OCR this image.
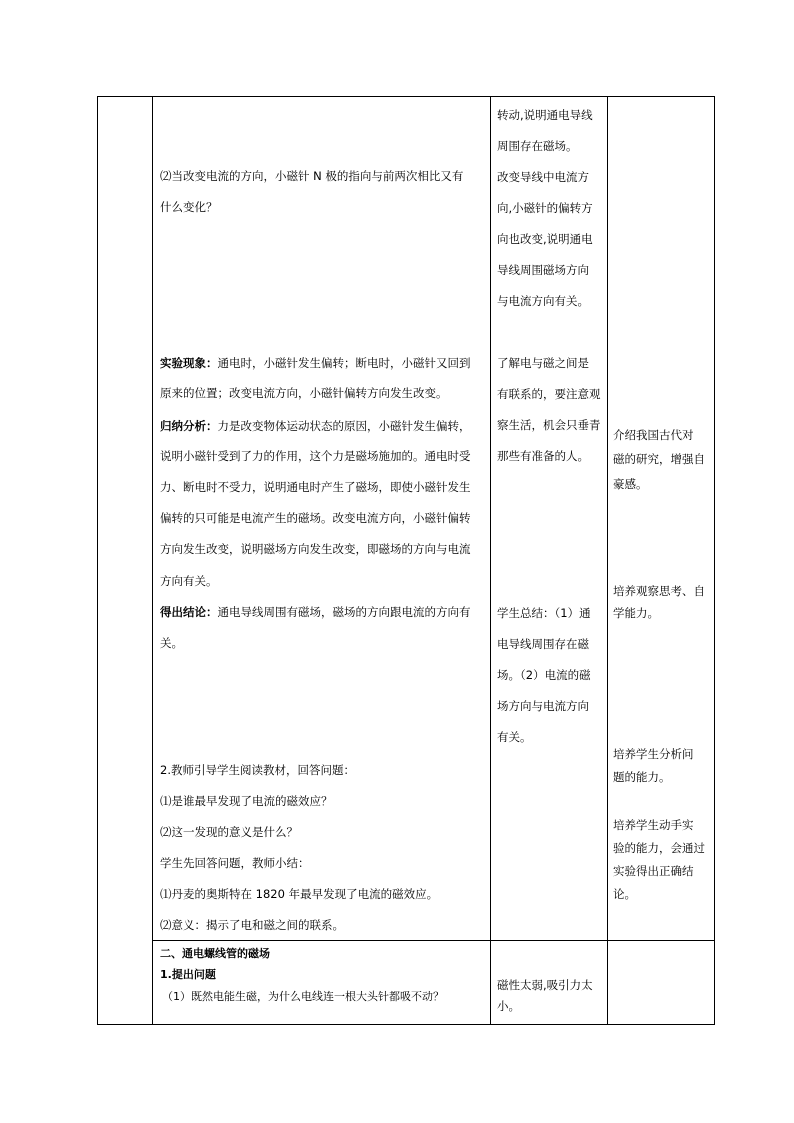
⑵当改变电流的方向，小磁针 N 极的指向与前两次相比又有
什么变化？
实验现象：通电时，小磁针发生偏转；断电时，小磁针又回到
原来的位置；改变电流方向，小磁针偏转方向发生改变。
归纳分析：力是改变物体运动状态的原因，小磁针发生偏转，
说明小磁针受到了力的作用，这个力是磁场施加的。通电时受
力、断电时不受力，说明通电时产生了磁场，即使小磁针发生
偏转的只可能是电流产生的磁场。改变电流方向，小磁针偏转
方向发生改变，说明磁场方向发生改变，即磁场的方向与电流
方向有关。
得出结论：通电导线周围有磁场，磁场的方向跟电流的方向有
关。
2.教师引导学生阅读教材，回答问题：
⑴是谁最早发现了电流的磁效应？
⑵这一发现的意义是什么？
学生先回答问题，教师小结：
⑴丹麦的奥斯特在 1820 年最早发现了电流的磁效应。
⑵意义：揭示了电和磁之间的联系。
二、通电螺线管的磁场
1.提出问题
（1）既然电能生磁，为什么电线连一根大头针都吸不动？
转动,说明通电导线
周围存在磁场。
改变导线中电流方
向,小磁针的偏转方
向也改变,说明通电
导线周围磁场方向
与电流方向有关。
了解电与磁之间是
有联系的，要注意观
察生活，机会只垂青
那些有准备的人。
学生总结：（1）通
电导线周围存在磁
场。（2）电流的磁
场方向与电流方向
有关。
磁性太弱,吸引力太
小。
介绍我国古代对
磁的研究，增强自
豪感。
培养观察思考、自
学能力。
培养学生分析问
题的能力。
培养学生动手实
验的能力，会通过
实验得出正确结
论。
